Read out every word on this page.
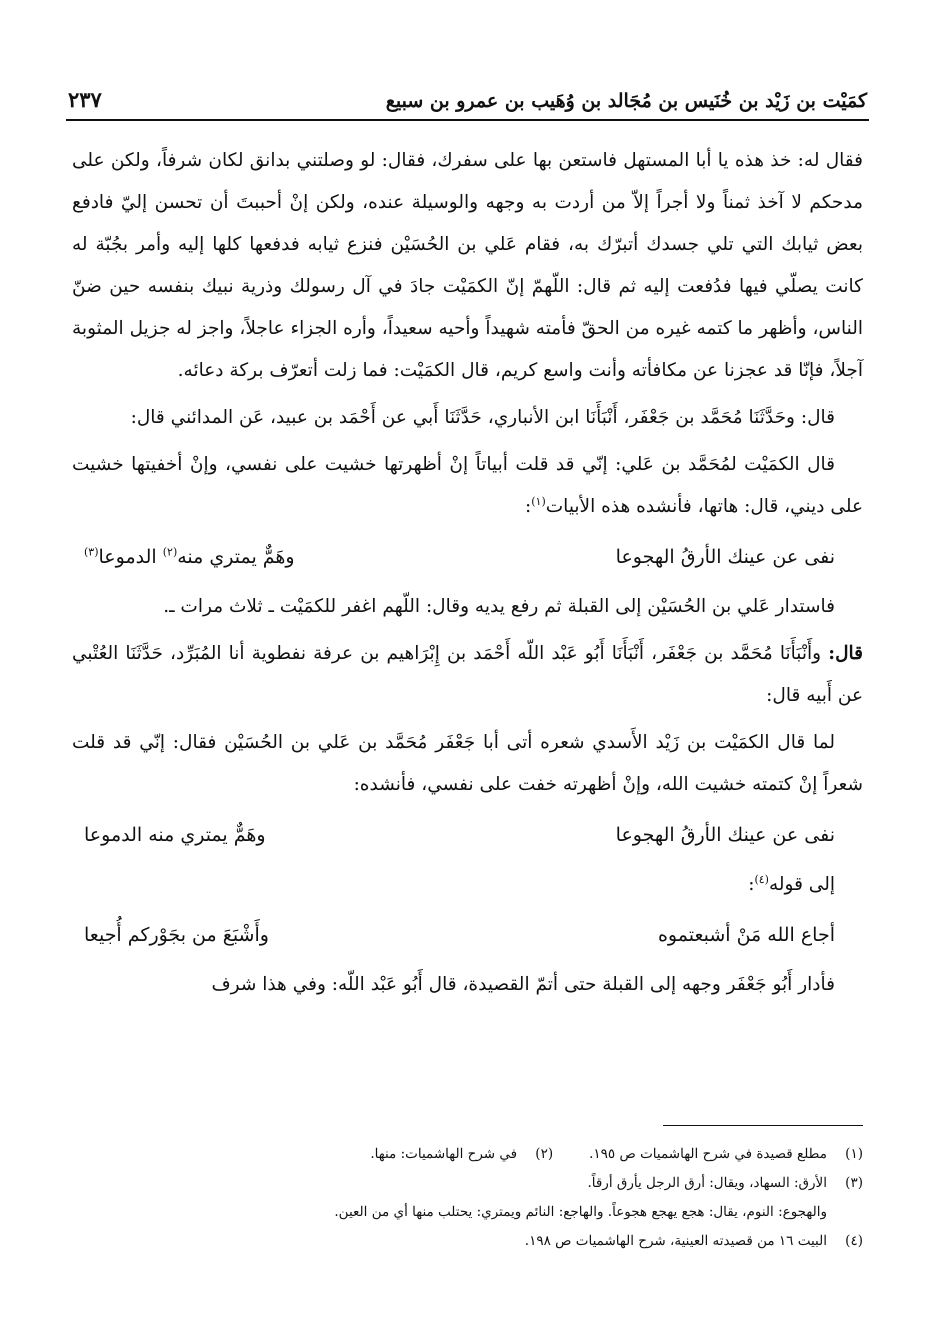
كمَيْت بن زَيْد بن خُنَيس بن مُجَالد بن وُهَيب بن عمرو بن سبيع
٢٣٧

فقال له: خذ هذه يا أبا المستهل فاستعن بها على سفرك، فقال: لو وصلتني بدانق لكان شرفاً، ولكن على مدحكم لا آخذ ثمناً ولا أجراً إلاّ من أردت به وجهه والوسيلة عنده، ولكن إنْ أحببتَ أن تحسن إليّ فادفع بعض ثيابك التي تلي جسدك أتبرّك به، فقام عَلي بن الحُسَيْن فنزع ثيابه فدفعها كلها إليه وأمر بجُبّة له كانت يصلّي فيها فدُفعت إليه ثم قال: اللّهمّ إنّ الكمَيْت جادَ في آل رسولك وذرية نبيك بنفسه حين ضنّ الناس، وأظهر ما كتمه غيره من الحقّ فأمته شهيداً وأحيه سعيداً، وأره الجزاء عاجلاً، واجز له جزيل المثوبة آجلاً، فإنّا قد عجزنا عن مكافأته وأنت واسع كريم، قال الكمَيْت: فما زلت أتعرّف بركة دعائه.

قال: وحَدَّثَنَا مُحَمَّد بن جَعْفَر، أَنْبَأَنَا ابن الأنباري، حَدَّثَنَا أَبي عن أَحْمَد بن عبيد، عَن المدائني قال:

قال الكمَيْت لمُحَمَّد بن عَلي: إنّي قد قلت أبياتاً إنْ أظهرتها خشيت على نفسي، وإنْ أخفيتها خشيت على ديني، قال: هاتها، فأنشده هذه الأبيات$^{(١)}$:

نفى عن عينك الأرقُ الهجوعا
وهَمٌّ يمتري منه$^{(٢)}$ الدموعا$^{(٣)}$

فاستدار عَلي بن الحُسَيْن إلى القبلة ثم رفع يديه وقال: اللّهم اغفر للكمَيْت ـ ثلاث مرات ـ.

قال: وأَنْبَأَنَا مُحَمَّد بن جَعْفَر، أَنْبَأَنَا أَبُو عَبْد اللّه أَحْمَد بن إِبْرَاهيم بن عرفة نفطوية أنا المُبَرِّد، حَدَّثَنَا العُتْبي عن أَبيه قال:

لما قال الكمَيْت بن زَيْد الأَسدي شعره أتى أبا جَعْفَر مُحَمَّد بن عَلي بن الحُسَيْن فقال: إنّي قد قلت شعراً إنْ كتمته خشيت الله، وإنْ أظهرته خفت على نفسي، فأنشده:

نفى عن عينك الأرقُ الهجوعا
وهَمٌّ يمتري منه الدموعا

إلى قوله$^{(٤)}$:

أجاع الله مَنْ أشبعتموه
وأَشْبَعَ من بجَوْركم أُجيعا

فأدار أَبُو جَعْفَر وجهه إلى القبلة حتى أتمّ القصيدة، قال أَبُو عَبْد اللّه: وفي هذا شرف

(١)
مطلع قصيدة في شرح الهاشميات ص ١٩٥.
(٢)
في شرح الهاشميات: منها.
(٣)
الأرق: السهاد، ويقال: أرق الرجل يأرق أرقاً.
والهجوع: النوم، يقال: هجع يهجع هجوعاً. والهاجع: النائم ويمتري: يحتلب منها أي من العين.
(٤)
البيت ١٦ من قصيدته العينية، شرح الهاشميات ص ١٩٨.
